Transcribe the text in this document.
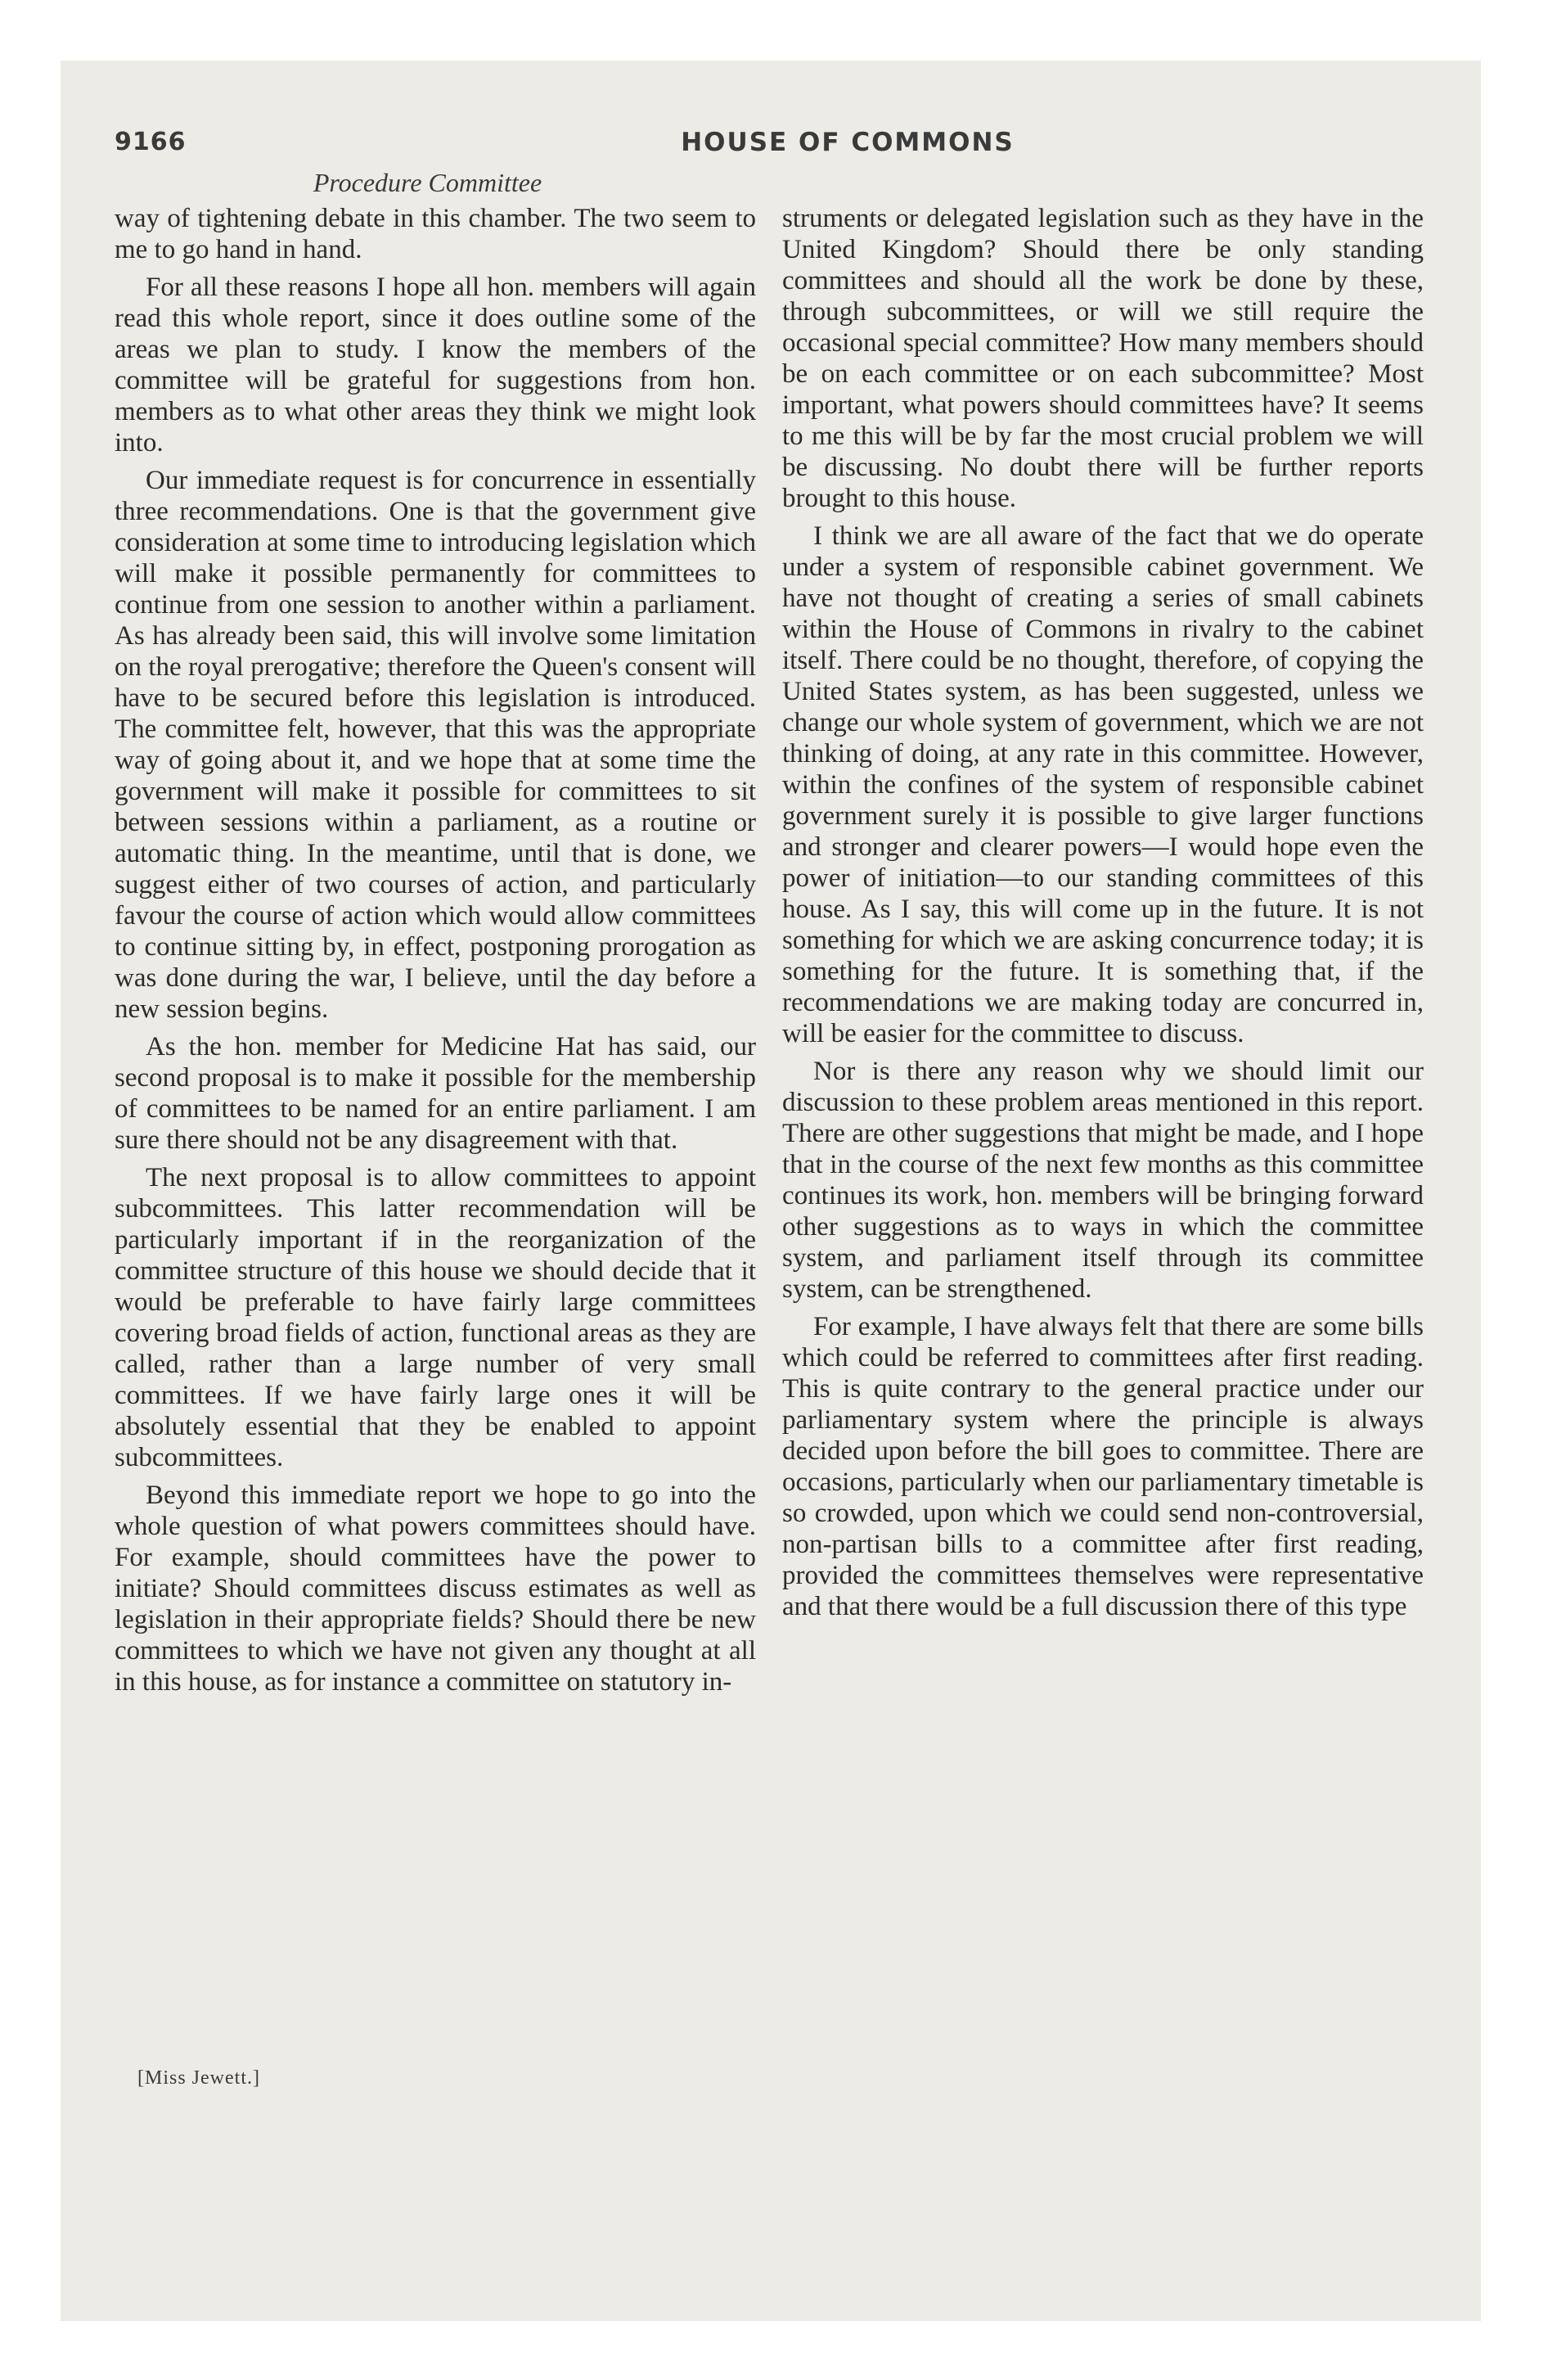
9166	HOUSE OF COMMONS
Procedure Committee

way of tightening debate in this chamber. The two seem to me to go hand in hand.

For all these reasons I hope all hon. members will again read this whole report, since it does outline some of the areas we plan to study. I know the members of the committee will be grateful for suggestions from hon. members as to what other areas they think we might look into.

Our immediate request is for concurrence in essentially three recommendations. One is that the government give consideration at some time to introducing legislation which will make it possible permanently for committees to continue from one session to another within a parliament. As has already been said, this will involve some limitation on the royal prerogative; therefore the Queen's consent will have to be secured before this legislation is introduced. The committee felt, however, that this was the appropriate way of going about it, and we hope that at some time the government will make it possible for committees to sit between sessions within a parliament, as a routine or automatic thing. In the meantime, until that is done, we suggest either of two courses of action, and particularly favour the course of action which would allow committees to continue sitting by, in effect, postponing prorogation as was done during the war, I believe, until the day before a new session begins.

As the hon. member for Medicine Hat has said, our second proposal is to make it possible for the membership of committees to be named for an entire parliament. I am sure there should not be any disagreement with that.

The next proposal is to allow committees to appoint subcommittees. This latter recommendation will be particularly important if in the reorganization of the committee structure of this house we should decide that it would be preferable to have fairly large committees covering broad fields of action, functional areas as they are called, rather than a large number of very small committees. If we have fairly large ones it will be absolutely essential that they be enabled to appoint subcommittees.

Beyond this immediate report we hope to go into the whole question of what powers committees should have. For example, should committees have the power to initiate? Should committees discuss estimates as well as legislation in their appropriate fields? Should there be new committees to which we have not given any thought at all in this house, as for instance a committee on statutory in-

struments or delegated legislation such as they have in the United Kingdom? Should there be only standing committees and should all the work be done by these, through subcommittees, or will we still require the occasional special committee? How many members should be on each committee or on each subcommittee? Most important, what powers should committees have? It seems to me this will be by far the most crucial problem we will be discussing. No doubt there will be further reports brought to this house.

I think we are all aware of the fact that we do operate under a system of responsible cabinet government. We have not thought of creating a series of small cabinets within the House of Commons in rivalry to the cabinet itself. There could be no thought, therefore, of copying the United States system, as has been suggested, unless we change our whole system of government, which we are not thinking of doing, at any rate in this committee. However, within the confines of the system of responsible cabinet government surely it is possible to give larger functions and stronger and clearer powers—I would hope even the power of initiation—to our standing committees of this house. As I say, this will come up in the future. It is not something for which we are asking concurrence today; it is something for the future. It is something that, if the recommendations we are making today are concurred in, will be easier for the committee to discuss.

Nor is there any reason why we should limit our discussion to these problem areas mentioned in this report. There are other suggestions that might be made, and I hope that in the course of the next few months as this committee continues its work, hon. members will be bringing forward other suggestions as to ways in which the committee system, and parliament itself through its committee system, can be strengthened.

For example, I have always felt that there are some bills which could be referred to committees after first reading. This is quite contrary to the general practice under our parliamentary system where the principle is always decided upon before the bill goes to committee. There are occasions, particularly when our parliamentary timetable is so crowded, upon which we could send non-controversial, non-partisan bills to a committee after first reading, provided the committees themselves were representative and that there would be a full discussion there of this type

[Miss Jewett.]
